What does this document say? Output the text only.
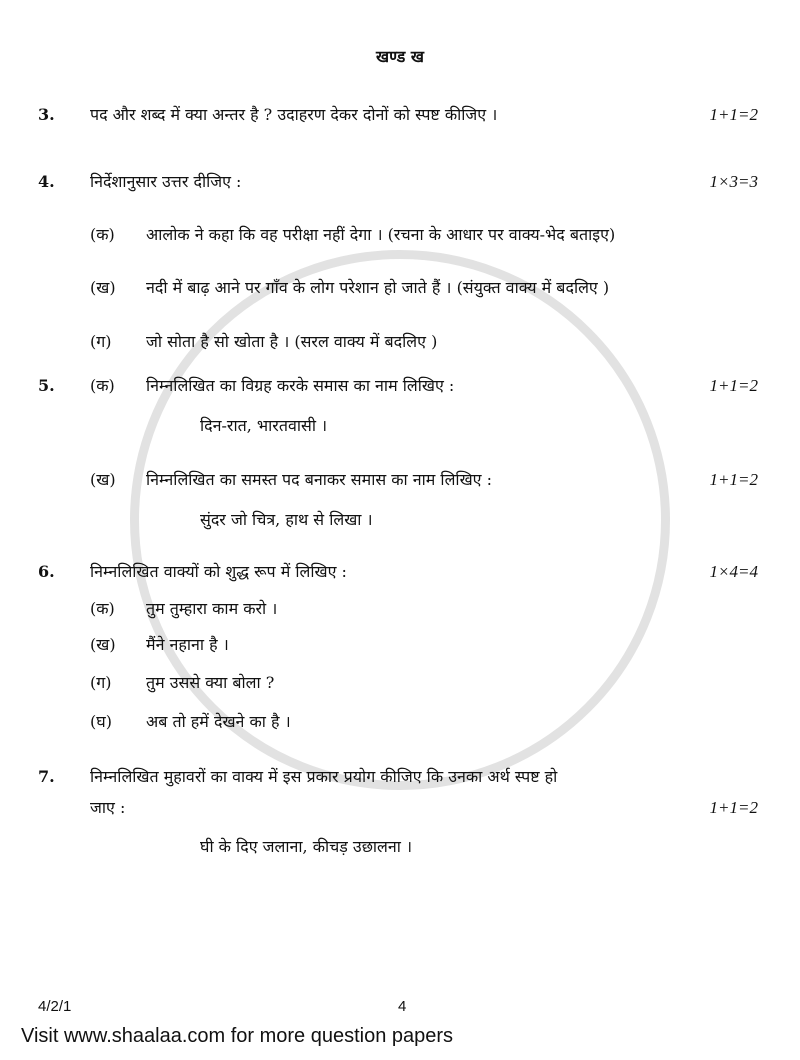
खण्ड ख
3.	पद और शब्द में क्या अन्तर है ? उदाहरण देकर दोनों को स्पष्ट कीजिए ।	1+1=2
4.	निर्देशानुसार उत्तर दीजिए :	1×3=3
(क)	आलोक ने कहा कि वह परीक्षा नहीं देगा । (रचना के आधार पर वाक्य-भेद बताइए)
(ख)	नदी में बाढ़ आने पर गाँव के लोग परेशान हो जाते हैं । (संयुक्त वाक्य में बदलिए )
(ग)	जो सोता है सो खोता है । (सरल वाक्य में बदलिए )
5.	(क)	निम्नलिखित का विग्रह करके समास का नाम लिखिए :	1+1=2
दिन-रात, भारतवासी ।
(ख)	निम्नलिखित का समस्त पद बनाकर समास का नाम लिखिए :	1+1=2
सुंदर जो चित्र, हाथ से लिखा ।
6.	निम्नलिखित वाक्यों को शुद्ध रूप में लिखिए :	1×4=4
(क)	तुम तुम्हारा काम करो ।
(ख)	मैंने नहाना है ।
(ग)	तुम उससे क्या बोला ?
(घ)	अब तो हमें देखने का है ।
7.	निम्नलिखित मुहावरों का वाक्य में इस प्रकार प्रयोग कीजिए कि उनका अर्थ स्पष्ट हो
जाए :	1+1=2
घी के दिए जलाना, कीचड़ उछालना ।
4/2/1	4
Visit www.shaalaa.com for more question papers
